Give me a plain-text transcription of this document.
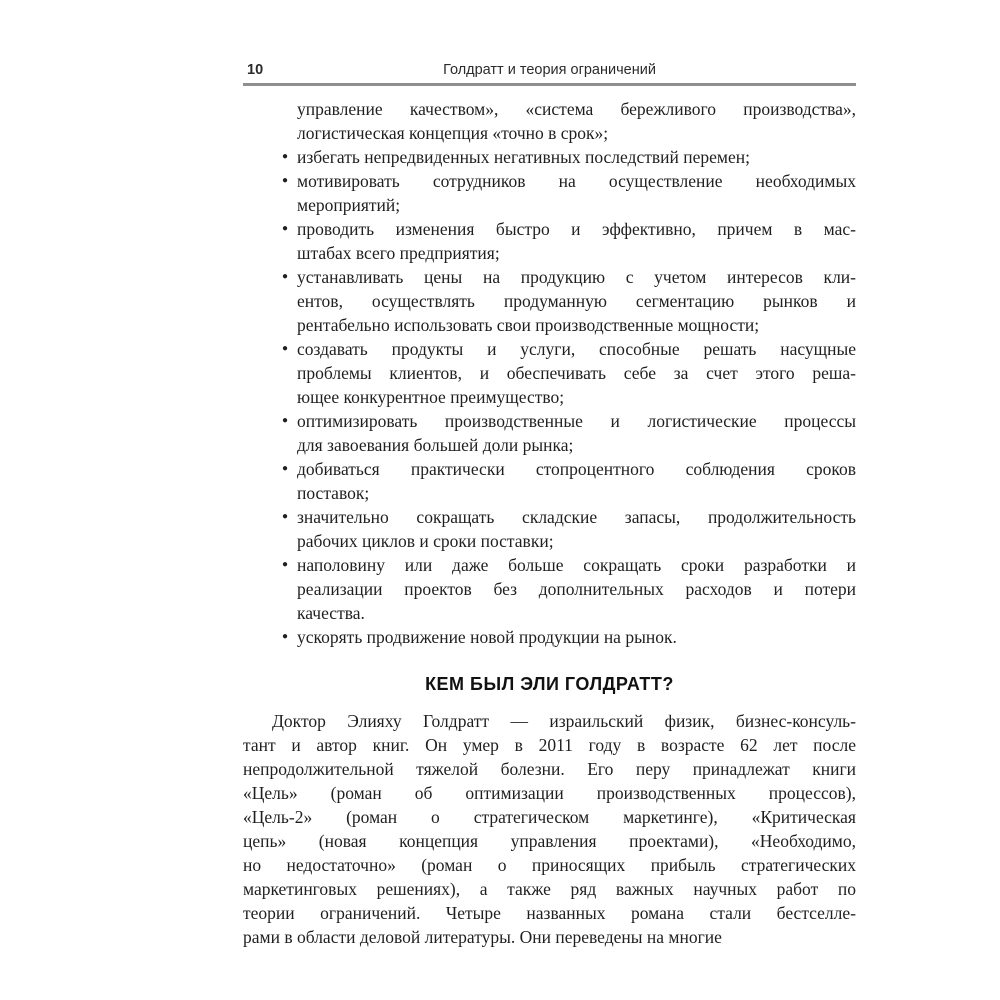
10	Голдратт и теория ограничений
управление качеством», «система бережливого производства»,
логистическая концепция «точно в срок»;
● избегать непредвиденных негативных последствий перемен;
● мотивировать сотрудников на осуществление необходимых
мероприятий;
● проводить изменения быстро и эффективно, причем в мас-
штабах всего предприятия;
● устанавливать цены на продукцию с учетом интересов кли-
ентов, осуществлять продуманную сегментацию рынков и
рентабельно использовать свои производственные мощности;
● создавать продукты и услуги, способные решать насущные
проблемы клиентов, и обеспечивать себе за счет этого реша-
ющее конкурентное преимущество;
● оптимизировать производственные и логистические процессы
для завоевания большей доли рынка;
● добиваться практически стопроцентного соблюдения сроков
поставок;
● значительно сокращать складские запасы, продолжительность
рабочих циклов и сроки поставки;
● наполовину или даже больше сокращать сроки разработки и
реализации проектов без дополнительных расходов и потери
качества.
● ускорять продвижение новой продукции на рынок.
КЕМ БЫЛ ЭЛИ ГОЛДРАТТ?
Доктор Элияху Голдратт — израильский физик, бизнес-консуль-
тант и автор книг. Он умер в 2011 году в возрасте 62 лет после
непродолжительной тяжелой болезни. Его перу принадлежат книги
«Цель» (роман об оптимизации производственных процессов),
«Цель-2» (роман о стратегическом маркетинге), «Критическая
цепь» (новая концепция управления проектами), «Необходимо,
но недостаточно» (роман о приносящих прибыль стратегических
маркетинговых решениях), а также ряд важных научных работ по
теории ограничений. Четыре названных романа стали бестселле-
рами в области деловой литературы. Они переведены на многие
